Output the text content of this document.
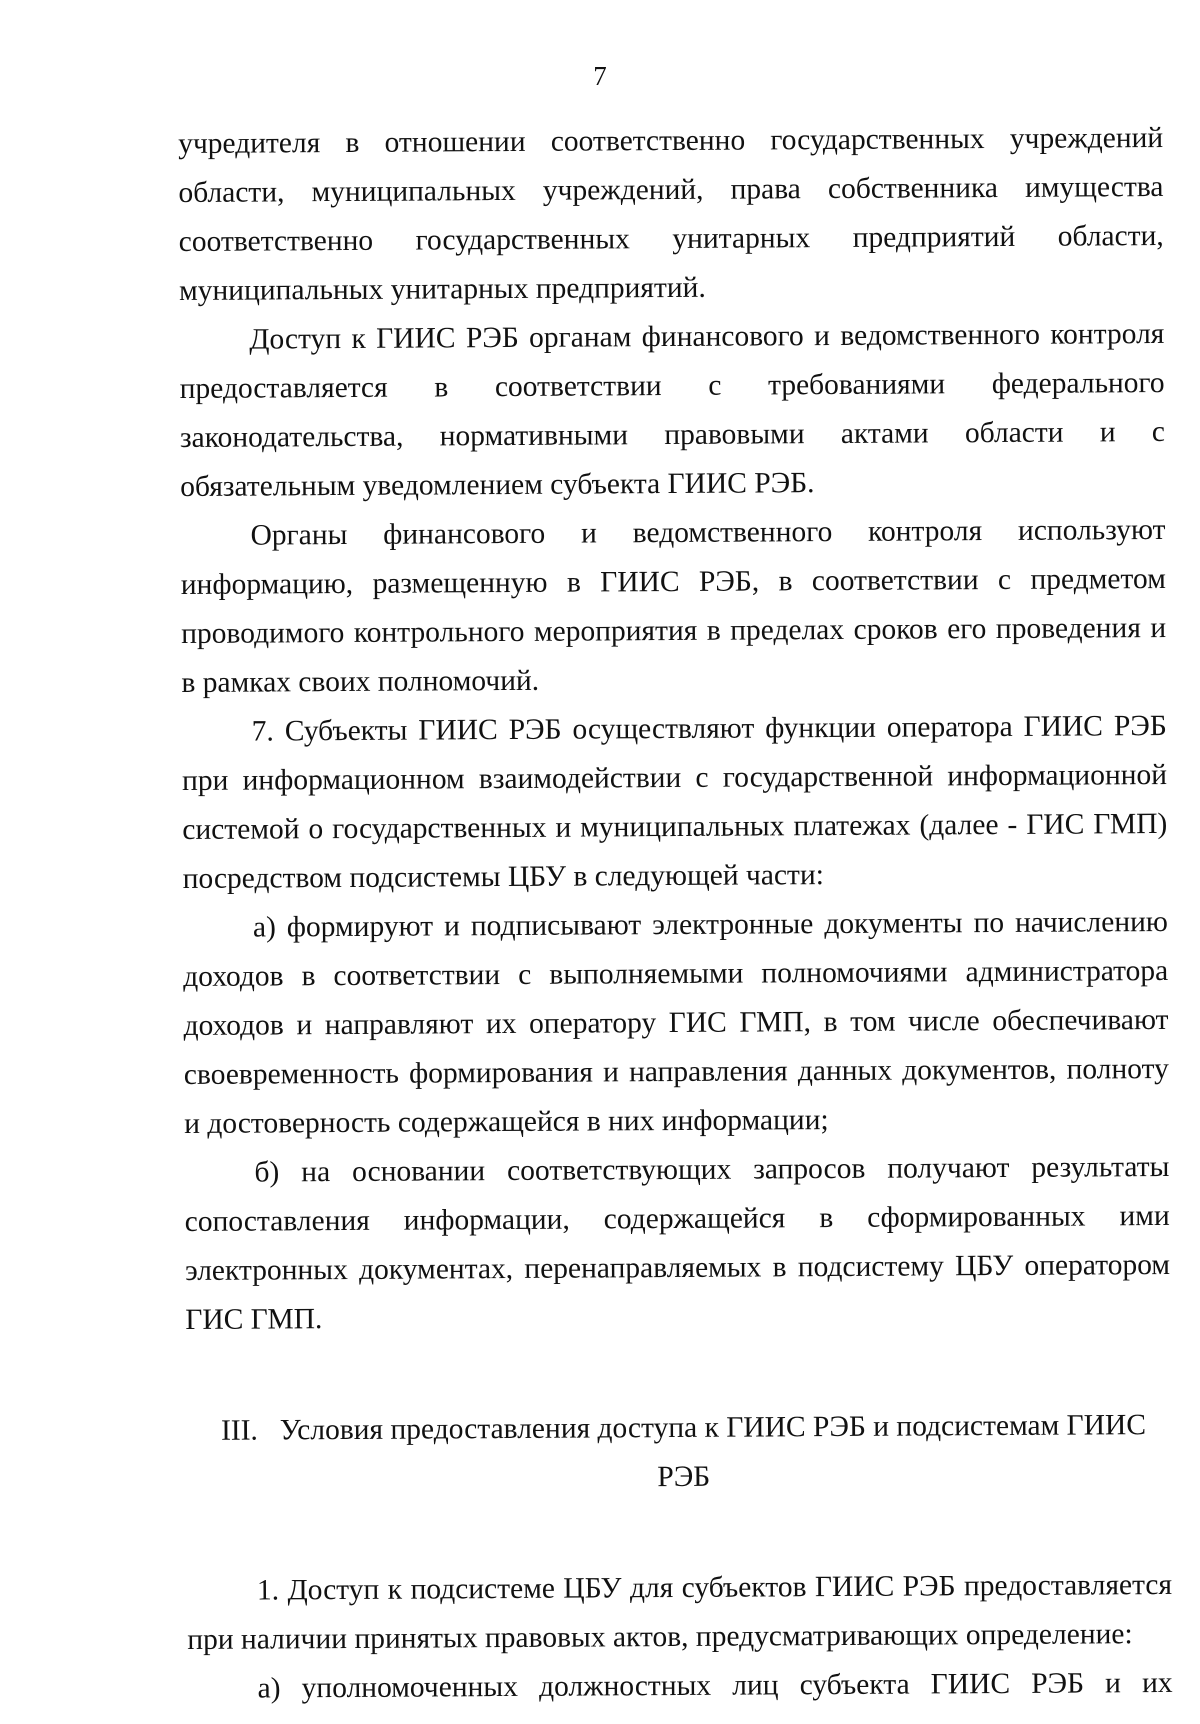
7

учредителя в отношении соответственно государственных учреждений области, муниципальных учреждений, права собственника имущества соответственно государственных унитарных предприятий области, муниципальных унитарных предприятий.

Доступ к ГИИС РЭБ органам финансового и ведомственного контроля предоставляется в соответствии с требованиями федерального законодательства, нормативными правовыми актами области и с обязательным уведомлением субъекта ГИИС РЭБ.

Органы финансового и ведомственного контроля используют информацию, размещенную в ГИИС РЭБ, в соответствии с предметом проводимого контрольного мероприятия в пределах сроков его проведения и в рамках своих полномочий.

7. Субъекты ГИИС РЭБ осуществляют функции оператора ГИИС РЭБ при информационном взаимодействии с государственной информационной системой о государственных и муниципальных платежах (далее - ГИС ГМП) посредством подсистемы ЦБУ в следующей части:

а) формируют и подписывают электронные документы по начислению доходов в соответствии с выполняемыми полномочиями администратора доходов и направляют их оператору ГИС ГМП, в том числе обеспечивают своевременность формирования и направления данных документов, полноту и достоверность содержащейся в них информации;

б) на основании соответствующих запросов получают результаты сопоставления информации, содержащейся в сформированных ими электронных документах, перенаправляемых в подсистему ЦБУ оператором ГИС ГМП.

III. Условия предоставления доступа к ГИИС РЭБ и подсистемам ГИИС РЭБ

1. Доступ к подсистеме ЦБУ для субъектов ГИИС РЭБ предоставляется при наличии принятых правовых актов, предусматривающих определение:

а) уполномоченных должностных лиц субъекта ГИИС РЭБ и их
